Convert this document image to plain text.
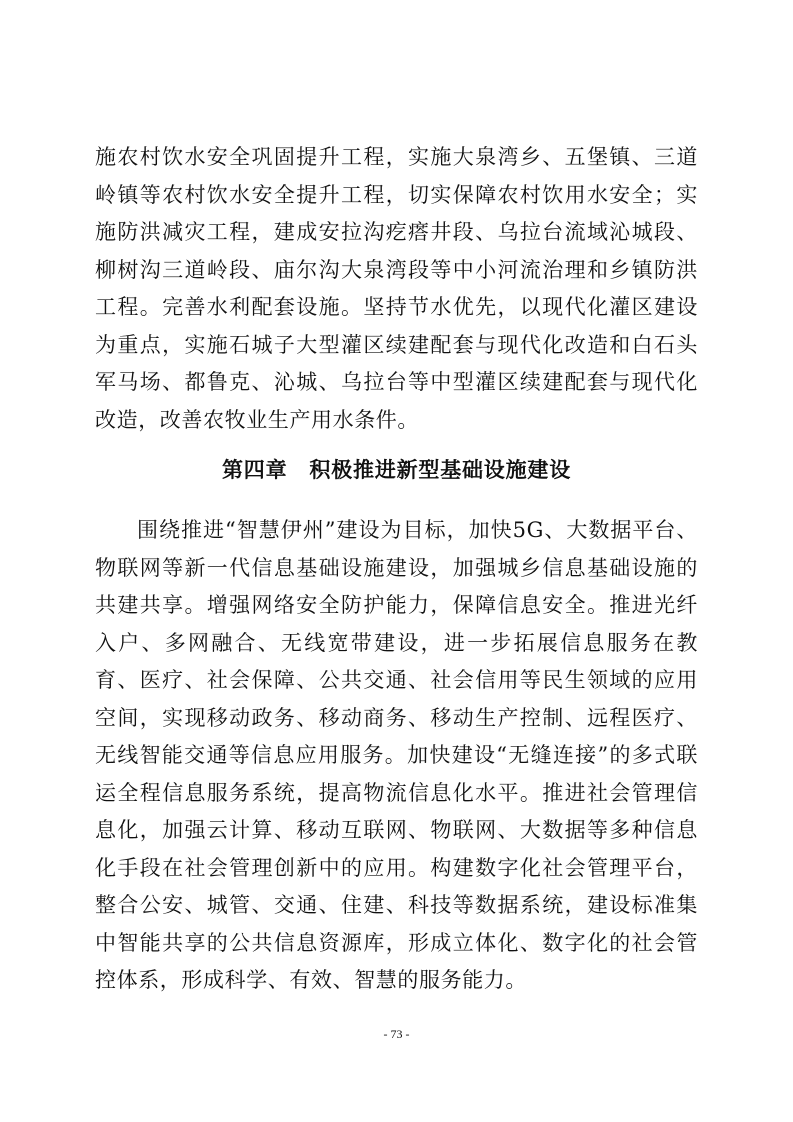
施农村饮水安全巩固提升工程，实施大泉湾乡、五堡镇、三道岭镇等农村饮水安全提升工程，切实保障农村饮用水安全；实施防洪减灾工程，建成安拉沟疙瘩井段、乌拉台流域沁城段、柳树沟三道岭段、庙尔沟大泉湾段等中小河流治理和乡镇防洪工程。完善水利配套设施。坚持节水优先，以现代化灌区建设为重点，实施石城子大型灌区续建配套与现代化改造和白石头军马场、都鲁克、沁城、乌拉台等中型灌区续建配套与现代化改造，改善农牧业生产用水条件。

第四章 积极推进新型基础设施建设

围绕推进“智慧伊州”建设为目标，加快5G、大数据平台、物联网等新一代信息基础设施建设，加强城乡信息基础设施的共建共享。增强网络安全防护能力，保障信息安全。推进光纤入户、多网融合、无线宽带建设，进一步拓展信息服务在教育、医疗、社会保障、公共交通、社会信用等民生领域的应用空间，实现移动政务、移动商务、移动生产控制、远程医疗、无线智能交通等信息应用服务。加快建设“无缝连接”的多式联运全程信息服务系统，提高物流信息化水平。推进社会管理信息化，加强云计算、移动互联网、物联网、大数据等多种信息化手段在社会管理创新中的应用。构建数字化社会管理平台，整合公安、城管、交通、住建、科技等数据系统，建设标准集中智能共享的公共信息资源库，形成立体化、数字化的社会管控体系，形成科学、有效、智慧的服务能力。

- 73 -
